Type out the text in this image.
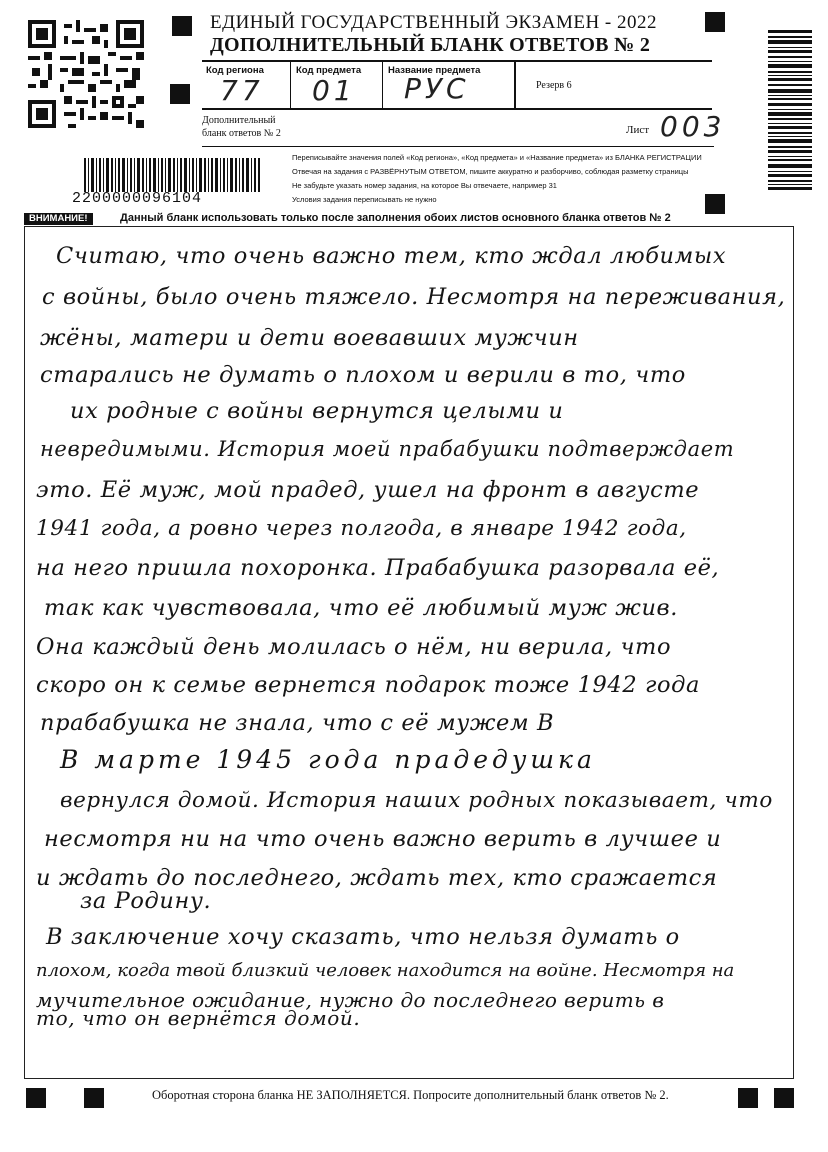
2200000096104
ЕДИНЫЙ ГОСУДАРСТВЕННЫЙ ЭКЗАМЕН - 2022
ДОПОЛНИТЕЛЬНЫЙ БЛАНК ОТВЕТОВ № 2
Код региона	Код предмета	Название предмета
Резерв 6
77 01 РУС
Дополнительный
бланк ответов № 2	Лист 003
Переписывайте значения полей «Код региона», «Код предмета» и «Название предмета» из БЛАНКА РЕГИСТРАЦИИ
Отвечая на задания с РАЗВЁРНУТЫМ ОТВЕТОМ, пишите аккуратно и разборчиво, соблюдая разметку страницы
Не забудьте указать номер задания, на которое Вы отвечаете, например 31
Условия задания переписывать не нужно
ВНИМАНИЕ!	Данный бланк использовать только после заполнения обоих листов основного бланка ответов № 2
Считаю, что очень важно тем, кто ждал любимых
с войны, было очень тяжело. Несмотря на переживания,
жёны, матери и дети воевавших мужчин
старались не думать о плохом и верили в то, что
их родные с войны вернутся целыми и
невредимыми. История моей прабабушки подтверждает
это. Её муж, мой прадед, ушел на фронт в августе
1941 года, а ровно через полгода, в январе 1942 года,
на него пришла похоронка. Прабабушка разорвала её,
так как чувствовала, что её любимый муж жив.
Она каждый день молилась о нём, ни верила, что
скоро он к семье вернется подарок тоже 1942 года
прабабушка не знала, что с её мужем В
В марте 1945 года прадедушка
вернулся домой. История наших родных показывает, что
несмотря ни на что очень важно верить в лучшее и
и ждать до последнего, ждать тех, кто сражается
за Родину.
В заключение хочу сказать, что нельзя думать о
плохом, когда твой близкий человек находится на войне. Несмотря на
мучительное ожидание, нужно до последнего верить в
то, что он вернётся домой.
Оборотная сторона бланка НЕ ЗАПОЛНЯЕТСЯ. Попросите дополнительный бланк ответов № 2.
